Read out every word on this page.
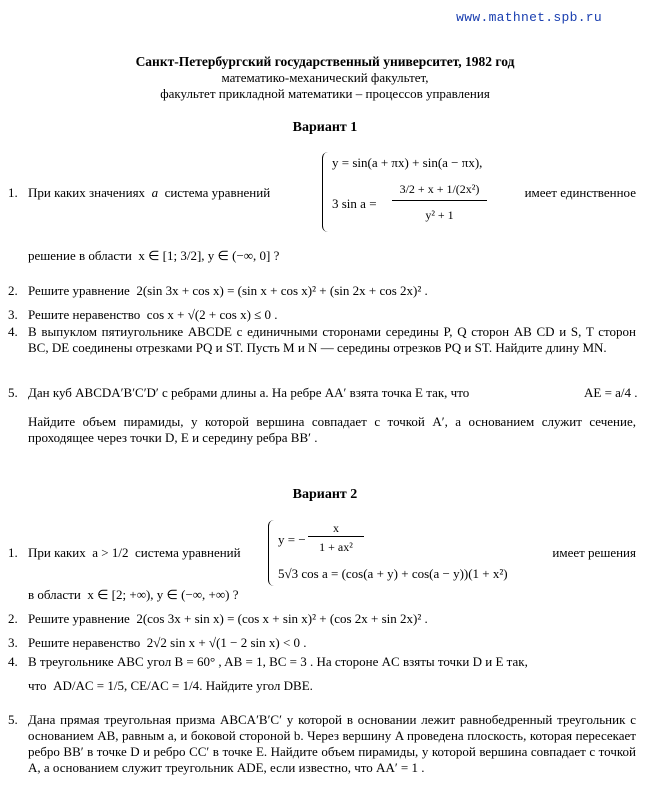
www.mathnet.spb.ru
Санкт-Петербургский государственный университет, 1982 год
математико-механический факультет,
факультет прикладной математики – процессов управления
Вариант 1
1. При каких значениях a система уравнений
y = sin(a + πx) + sin(a − πx),
3 sin a =
3/2 + x + 1/(2x²)
y² + 1
имеет единственное
решение в области x ∈ [1; 3/2], y ∈ (−∞, 0] ?
2. Решите уравнение 2(sin 3x + cos x) = (sin x + cos x)² + (sin 2x + cos 2x)² .
3. Решите неравенство cos x + √(2 + cos x) ≤ 0 .
4. В выпуклом пятиугольнике ABCDE с единичными сторонами середины P, Q сторон AB CD и S, T сторон BC, DE соединены отрезками PQ и ST. Пусть M и N — середины отрезков PQ и ST. Найдите длину MN.
5. Дан куб ABCDA′B′C′D′ с ребрами длины a. На ребре AA′ взята точка E так, что	AE = a/4 .
Найдите объем пирамиды, у которой вершина совпадает с точкой A′, а основанием служит сечение, проходящее через точки D, E и середину ребра BB′ .
Вариант 2
1. При каких a > 1/2 система уравнений
y = −
x
1 + ax²
5√3 cos a = (cos(a + y) + cos(a − y))(1 + x²)
имеет решения
в области x ∈ [2; +∞), y ∈ (−∞, +∞) ?
2. Решите уравнение 2(cos 3x + sin x) = (cos x + sin x)² + (cos 2x + sin 2x)² .
3. Решите неравенство 2√2 sin x + √(1 − 2 sin x) < 0 .
4. В треугольнике ABC угол B = 60° , AB = 1, BC = 3 . На стороне AC взяты точки D и E так,
что AD/AC = 1/5, CE/AC = 1/4. Найдите угол DBE.
5. Дана прямая треугольная призма ABCA′B′C′ у которой в основании лежит равнобедренный треугольник с основанием AB, равным a, и боковой стороной b. Через вершину A проведена плоскость, которая пересекает ребро BB′ в точке D и ребро CC′ в точке E. Найдите объем пирамиды, у которой вершина совпадает с точкой A, а основанием служит треугольник ADE, если известно, что AA′ = 1 .
